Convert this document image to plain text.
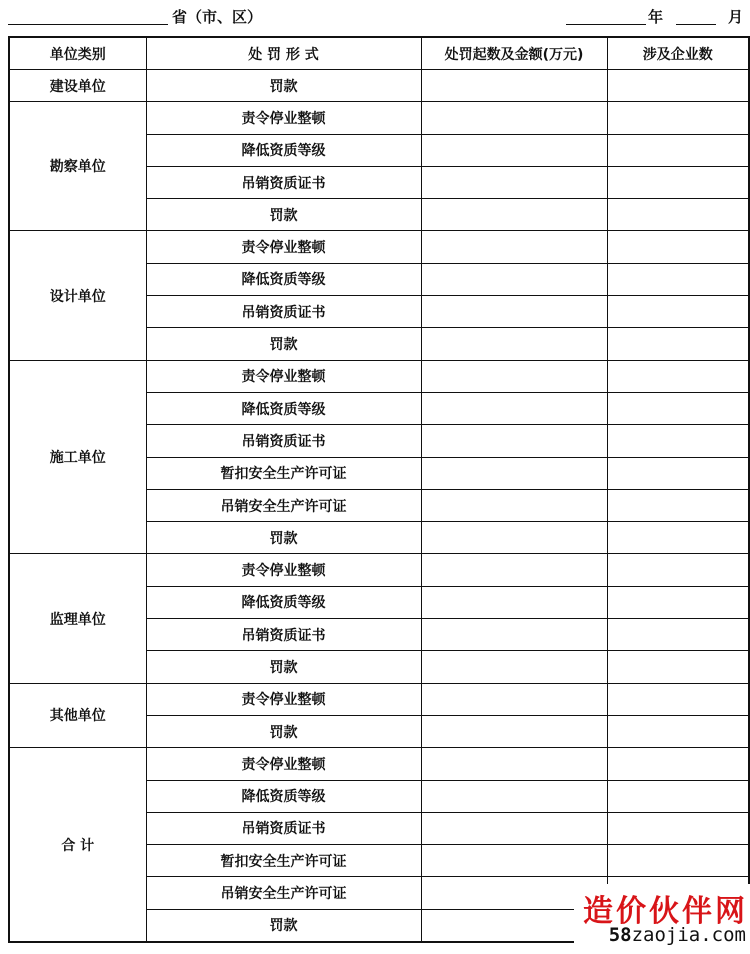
省（市、区）	年	月
单位类别	处 罚 形 式	处罚起数及金额(万元)	涉及企业数
建设单位	罚款		
勘察单位	责令停业整顿		
	降低资质等级		
	吊销资质证书		
	罚款		
设计单位	责令停业整顿		
	降低资质等级		
	吊销资质证书		
	罚款		
施工单位	责令停业整顿		
	降低资质等级		
	吊销资质证书		
	暂扣安全生产许可证		
	吊销安全生产许可证		
	罚款		
监理单位	责令停业整顿		
	降低资质等级		
	吊销资质证书		
	罚款		
其他单位	责令停业整顿		
	罚款		
合 计	责令停业整顿		
	降低资质等级		
	吊销资质证书		
	暂扣安全生产许可证		
	吊销安全生产许可证		
	罚款			造价伙伴网
58zaojia.com
